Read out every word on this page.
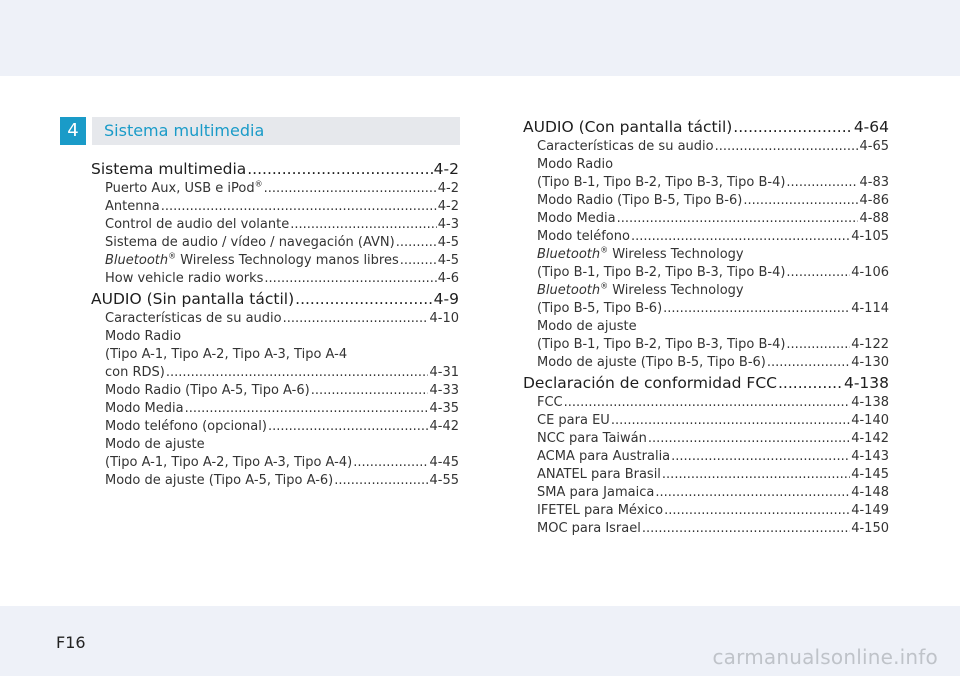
4	Sistema multimedia
Sistema multimedia .....	4-2
Puerto Aux, USB e iPod® .....	4-2
Antenna .....	4-2
Control de audio del volante .....	4-3
Sistema de audio / vídeo / navegación (AVN) .....	4-5
Bluetooth® Wireless Technology manos libres .....	4-5
How vehicle radio works .....	4-6
AUDIO (Sin pantalla táctil) .....	4-9
Características de su audio .....	4-10
Modo Radio
(Tipo A-1, Tipo A-2, Tipo A-3, Tipo A-4
con RDS) .....	4-31
Modo Radio (Tipo A-5, Tipo A-6) .....	4-33
Modo Media .....	4-35
Modo teléfono (opcional) .....	4-42
Modo de ajuste
(Tipo A-1, Tipo A-2, Tipo A-3, Tipo A-4) .....	4-45
Modo de ajuste (Tipo A-5, Tipo A-6) .....	4-55
AUDIO (Con pantalla táctil) .....	4-64
Características de su audio .....	4-65
Modo Radio
(Tipo B-1, Tipo B-2, Tipo B-3, Tipo B-4) .....	4-83
Modo Radio (Tipo B-5, Tipo B-6) .....	4-86
Modo Media .....	4-88
Modo teléfono .....	4-105
Bluetooth® Wireless Technology
(Tipo B-1, Tipo B-2, Tipo B-3, Tipo B-4) .....	4-106
Bluetooth® Wireless Technology
(Tipo B-5, Tipo B-6) .....	4-114
Modo de ajuste
(Tipo B-1, Tipo B-2, Tipo B-3, Tipo B-4) .....	4-122
Modo de ajuste (Tipo B-5, Tipo B-6) .....	4-130
Declaración de conformidad FCC .....	4-138
FCC .....	4-138
CE para EU .....	4-140
NCC para Taiwán .....	4-142
ACMA para Australia .....	4-143
ANATEL para Brasil .....	4-145
SMA para Jamaica .....	4-148
IFETEL para México .....	4-149
MOC para Israel .....	4-150
F16
carmanualsonline.info
